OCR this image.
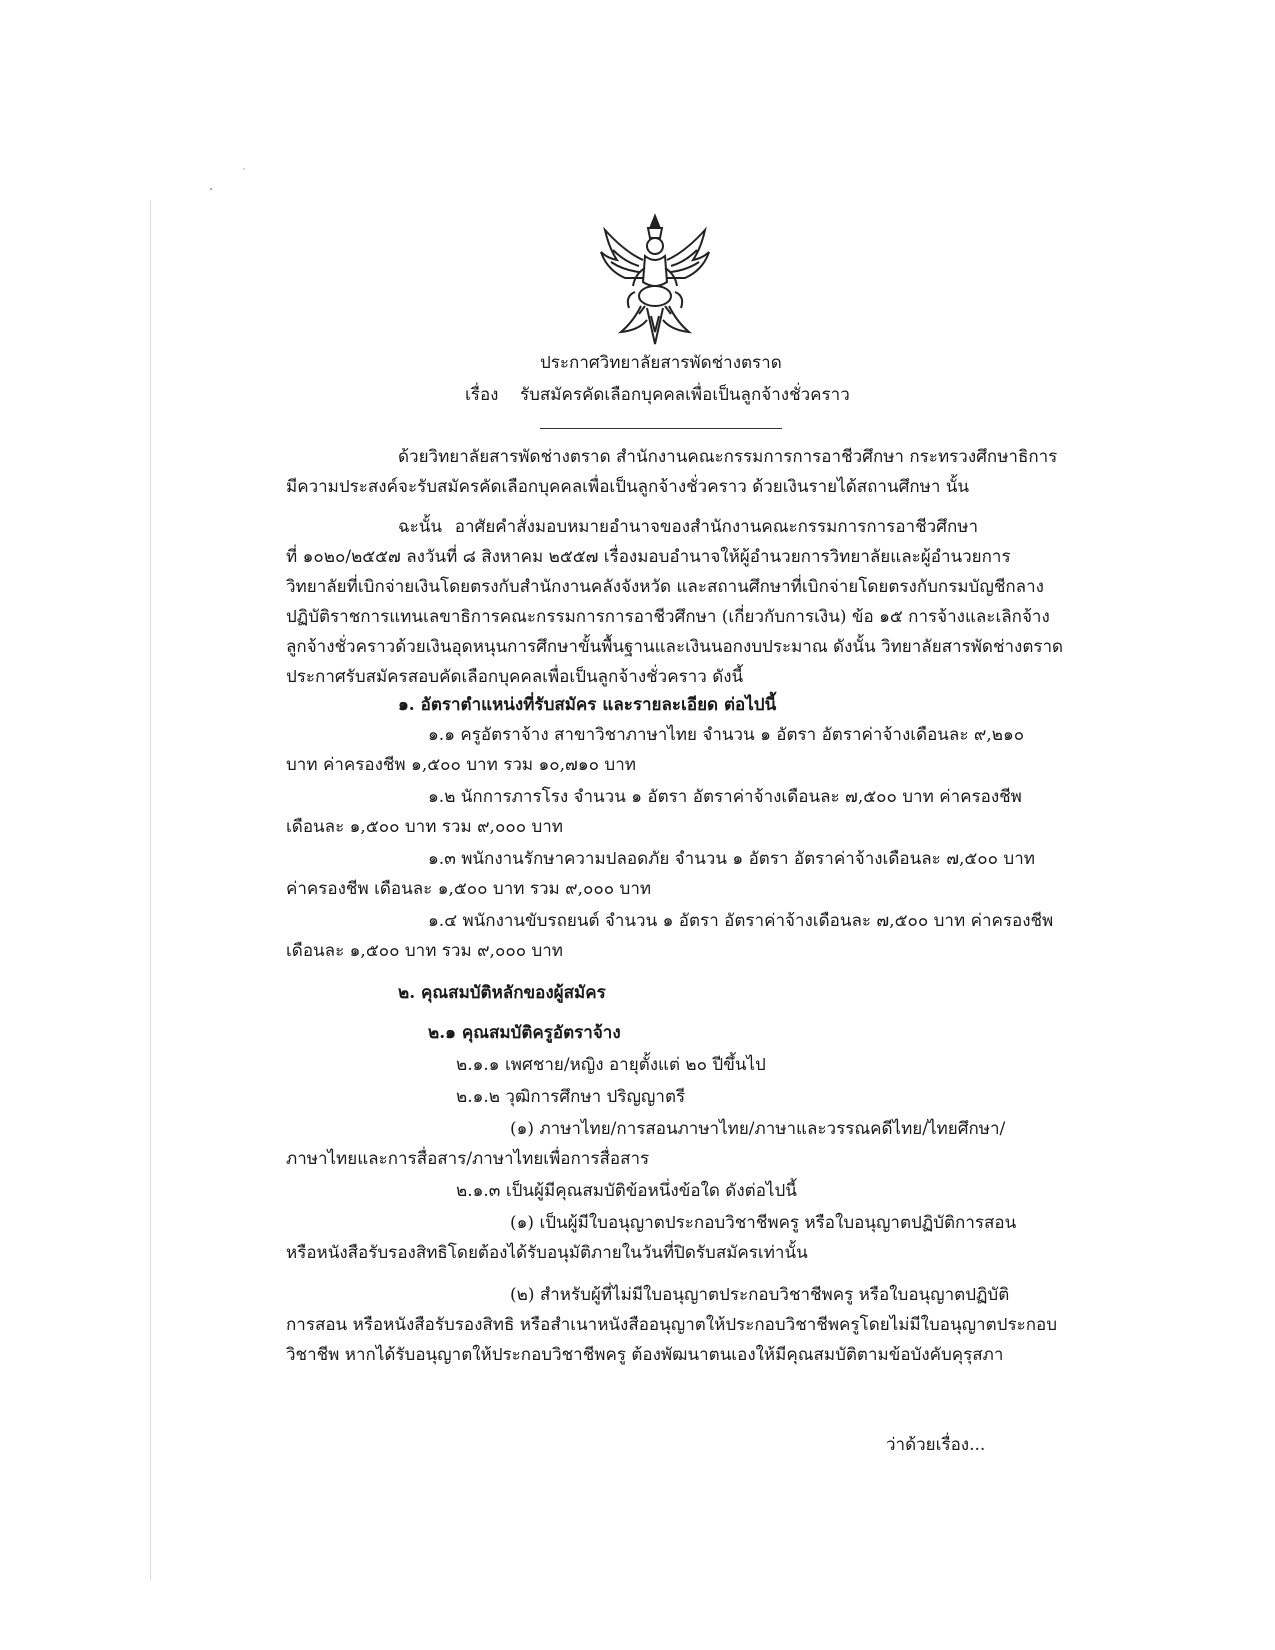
ประกาศวิทยาลัยสารพัดช่างตราด
เรื่อง รับสมัครคัดเลือกบุคคลเพื่อเป็นลูกจ้างชั่วคราว
ด้วยวิทยาลัยสารพัดช่างตราด สำนักงานคณะกรรมการการอาชีวศึกษา กระทรวงศึกษาธิการ
มีความประสงค์จะรับสมัครคัดเลือกบุคคลเพื่อเป็นลูกจ้างชั่วคราว ด้วยเงินรายได้สถานศึกษา นั้น
ฉะนั้น อาศัยคำสั่งมอบหมายอำนาจของสำนักงานคณะกรรมการการอาชีวศึกษา
ที่ ๑๐๒๐/๒๕๕๗ ลงวันที่ ๘ สิงหาคม ๒๕๕๗ เรื่องมอบอำนาจให้ผู้อำนวยการวิทยาลัยและผู้อำนวยการ
วิทยาลัยที่เบิกจ่ายเงินโดยตรงกับสำนักงานคลังจังหวัด และสถานศึกษาที่เบิกจ่ายโดยตรงกับกรมบัญชีกลาง
ปฏิบัติราชการแทนเลขาธิการคณะกรรมการการอาชีวศึกษา (เกี่ยวกับการเงิน) ข้อ ๑๕ การจ้างและเลิกจ้าง
ลูกจ้างชั่วคราวด้วยเงินอุดหนุนการศึกษาขั้นพื้นฐานและเงินนอกงบประมาณ ดังนั้น วิทยาลัยสารพัดช่างตราด
ประกาศรับสมัครสอบคัดเลือกบุคคลเพื่อเป็นลูกจ้างชั่วคราว ดังนี้
๑. อัตราตำแหน่งที่รับสมัคร และรายละเอียด ต่อไปนี้
๑.๑ ครูอัตราจ้าง สาขาวิชาภาษาไทย จำนวน ๑ อัตรา อัตราค่าจ้างเดือนละ ๙,๒๑๐
บาท ค่าครองชีพ ๑,๕๐๐ บาท รวม ๑๐,๗๑๐ บาท
๑.๒ นักการภารโรง จำนวน ๑ อัตรา อัตราค่าจ้างเดือนละ ๗,๕๐๐ บาท ค่าครองชีพ
เดือนละ ๑,๕๐๐ บาท รวม ๙,๐๐๐ บาท
๑.๓ พนักงานรักษาความปลอดภัย จำนวน ๑ อัตรา อัตราค่าจ้างเดือนละ ๗,๕๐๐ บาท
ค่าครองชีพ เดือนละ ๑,๕๐๐ บาท รวม ๙,๐๐๐ บาท
๑.๔ พนักงานขับรถยนต์ จำนวน ๑ อัตรา อัตราค่าจ้างเดือนละ ๗,๕๐๐ บาท ค่าครองชีพ
เดือนละ ๑,๕๐๐ บาท รวม ๙,๐๐๐ บาท
๒. คุณสมบัติหลักของผู้สมัคร
๒.๑ คุณสมบัติครูอัตราจ้าง
๒.๑.๑ เพศชาย/หญิง อายุตั้งแต่ ๒๐ ปีขึ้นไป
๒.๑.๒ วุฒิการศึกษา ปริญญาตรี
(๑) ภาษาไทย/การสอนภาษาไทย/ภาษาและวรรณคดีไทย/ไทยศึกษา/
ภาษาไทยและการสื่อสาร/ภาษาไทยเพื่อการสื่อสาร
๒.๑.๓ เป็นผู้มีคุณสมบัติข้อหนึ่งข้อใด ดังต่อไปนี้
(๑) เป็นผู้มีใบอนุญาตประกอบวิชาชีพครู หรือใบอนุญาตปฏิบัติการสอน
หรือหนังสือรับรองสิทธิโดยต้องได้รับอนุมัติภายในวันที่ปิดรับสมัครเท่านั้น
(๒) สำหรับผู้ที่ไม่มีใบอนุญาตประกอบวิชาชีพครู หรือใบอนุญาตปฏิบัติ
การสอน หรือหนังสือรับรองสิทธิ หรือสำเนาหนังสืออนุญาตให้ประกอบวิชาชีพครูโดยไม่มีใบอนุญาตประกอบ
วิชาชีพ หากได้รับอนุญาตให้ประกอบวิชาชีพครู ต้องพัฒนาตนเองให้มีคุณสมบัติตามข้อบังคับคุรุสภา
ว่าด้วยเรื่อง...
